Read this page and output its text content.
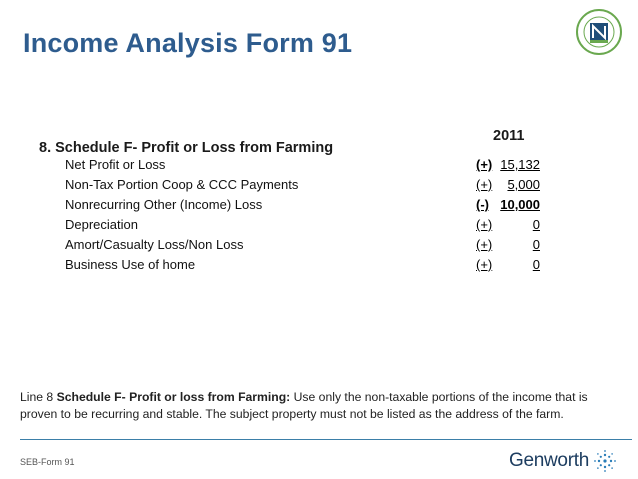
Income Analysis Form 91
8. Schedule F- Profit or Loss from Farming
2011
Net Profit or Loss	(+) 15,132
Non-Tax Portion Coop & CCC Payments	(+)	5,000
Nonrecurring Other (Income) Loss	(-) 10,000
Depreciation	(+)	0
Amort/Casualty Loss/Non Loss	(+)	0
Business Use of home	(+)	0
Line 8 Schedule F- Profit or loss from Farming: Use only the non-taxable portions of the income that is proven to be recurring and stable. The subject property must not be listed as the address of the farm.
SEB-Form 91	Genworth
